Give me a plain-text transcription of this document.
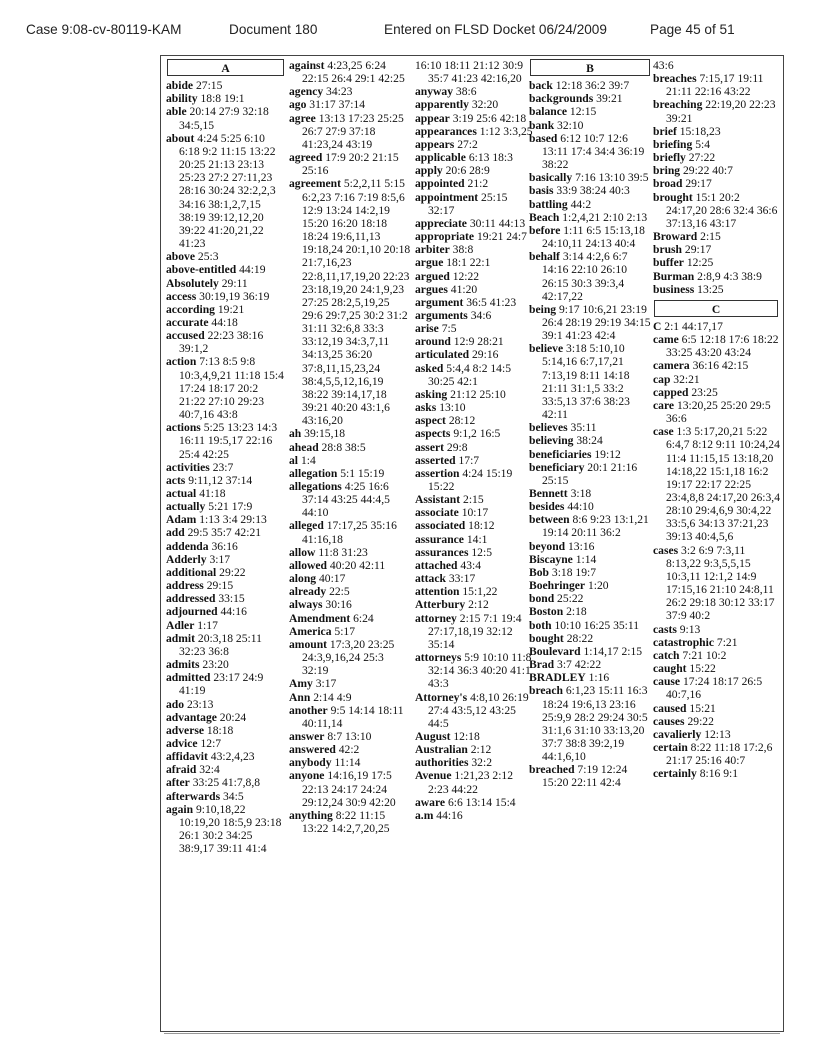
Case 9:08-cv-80119-KAM	Document 180	Entered on FLSD Docket 06/24/2009	Page 45 of 51
A
abide 27:15
ability 18:8 19:1
able 20:14 27:9 32:18 34:5,15
about 4:24 5:25 6:10 6:18 9:2 11:15 13:22 20:25 21:13 23:13 25:23 27:2 27:11,23 28:16 30:24 32:2,2,3 34:16 38:1,2,7,15 38:19 39:12,12,20 39:22 41:20,21,22 41:23
above 25:3
above-entitled 44:19
Absolutely 29:11
access 30:19,19 36:19
according 19:21
accurate 44:18
accused 22:23 38:16 39:1,2
action 7:13 8:5 9:8 10:3,4,9,21 11:18 15:4 17:24 18:17 20:2 21:22 27:10 29:23 40:7,16 43:8
actions 5:25 13:23 14:3 16:11 19:5,17 22:16 25:4 42:25
activities 23:7
acts 9:11,12 37:14
actual 41:18
actually 5:21 17:9
Adam 1:13 3:4 29:13
add 29:5 35:7 42:21
addenda 36:16
Adderly 3:17
additional 29:22
address 29:15
addressed 33:15
adjourned 44:16
Adler 1:17
admit 20:3,18 25:11 32:23 36:8
admits 23:20
admitted 23:17 24:9 41:19
ado 23:13
advantage 20:24
adverse 18:18
advice 12:7
affidavit 43:2,4,23
afraid 32:4
after 33:25 41:7,8,8
afterwards 34:5
again 9:10,18,22 10:19,20 18:5,9 23:18 26:1 30:2 34:25 38:9,17 39:11 41:4
against 4:23,25 6:24 22:15 26:4 29:1 42:25
agency 34:23
ago 31:17 37:14
agree 13:13 17:23 25:25 26:7 27:9 37:18 41:23,24 43:19
agreed 17:9 20:2 21:15 25:16
agreement 5:2,2,11 5:15 6:2,23 7:16 7:19 8:5,6 12:9 13:24 14:2,19 15:20 16:20 18:18 18:24 19:6,11,13 19:18,24 20:1,10 20:18 21:7,16,23 22:8,11,17,19,20 22:23 23:18,19,20 24:1,9,23 27:25 28:2,5,19,25 29:6 29:7,25 30:2 31:2 31:11 32:6,8 33:3 33:12,19 34:3,7,11 34:13,25 36:20 37:8,11,15,23,24 38:4,5,5,12,16,19 38:22 39:14,17,18 39:21 40:20 43:1,6 43:16,20
ah 39:15,18
ahead 28:8 38:5
al 1:4
allegation 5:1 15:19
allegations 4:25 16:6 37:14 43:25 44:4,5 44:10
alleged 17:17,25 35:16 41:16,18
allow 11:8 31:23
allowed 40:20 42:11
along 40:17
already 22:5
always 30:16
Amendment 6:24
America 5:17
amount 17:3,20 23:25 24:3,9,16,24 25:3 32:19
Amy 3:17
Ann 2:14 4:9
another 9:5 14:14 18:11 40:11,14
answer 8:7 13:10
answered 42:2
anybody 11:14
anyone 14:16,19 17:5 22:13 24:17 24:24 29:12,24 30:9 42:20
anything 8:22 11:15 13:22 14:2,7,20,25
16:10 18:11 21:12 30:9 35:7 41:23 42:16,20
anyway 38:6
apparently 32:20
appear 3:19 25:6 42:18
appearances 1:12 3:3,25
appears 27:2
applicable 6:13 18:3
apply 20:6 28:9
appointed 21:2
appointment 25:15 32:17
appreciate 30:11 44:13
appropriate 19:21 24:7
arbiter 38:8
argue 18:1 22:1
argued 12:22
argues 41:20
argument 36:5 41:23
arguments 34:6
arise 7:5
around 12:9 28:21
articulated 29:16
asked 5:4,4 8:2 14:5 30:25 42:1
asking 21:12 25:10
asks 13:10
aspect 28:12
aspects 9:1,2 16:5
assert 29:8
asserted 17:7
assertion 4:24 15:19 15:22
Assistant 2:15
associate 10:17
associated 18:12
assurance 14:1
assurances 12:5
attached 43:4
attack 33:17
attention 15:1,22
Atterbury 2:12
attorney 2:15 7:1 19:4 27:17,18,19 32:12 35:14
attorneys 5:9 10:10 11:8 32:14 36:3 40:20 41:1 43:3
Attorney's 4:8,10 26:19 27:4 43:5,12 43:25 44:5
August 12:18
Australian 2:12
authorities 32:2
Avenue 1:21,23 2:12 2:23 44:22
aware 6:6 13:14 15:4
a.m 44:16
B
back 12:18 36:2 39:7
backgrounds 39:21
balance 12:15
bank 32:10
based 6:12 10:7 12:6 13:11 17:4 34:4 36:19 38:22
basically 7:16 13:10 39:5
basis 33:9 38:24 40:3
battling 44:2
Beach 1:2,4,21 2:10 2:13
before 1:11 6:5 15:13,18 24:10,11 24:13 40:4
behalf 3:14 4:2,6 6:7 14:16 22:10 26:10 26:15 30:3 39:3,4 42:17,22
being 9:17 10:6,21 23:19 26:4 28:19 29:19 34:15 39:1 41:23 42:4
believe 3:18 5:10,10 5:14,16 6:7,17,21 7:13,19 8:11 14:18 21:11 31:1,5 33:2 33:5,13 37:6 38:23 42:11
believes 35:11
believing 38:24
beneficiaries 19:12
beneficiary 20:1 21:16 25:15
Bennett 3:18
besides 44:10
between 8:6 9:23 13:1,21 19:14 20:11 36:2
beyond 13:16
Biscayne 1:14
Bob 3:18 19:7
Boehringer 1:20
bond 25:22
Boston 2:18
both 10:10 16:25 35:11
bought 28:22
Boulevard 1:14,17 2:15
Brad 3:7 42:22
BRADLEY 1:16
breach 6:1,23 15:11 16:3 18:24 19:6,13 23:16 25:9,9 28:2 29:24 30:5 31:1,6 31:10 33:13,20 37:7 38:8 39:2,19 44:1,6,10
breached 7:19 12:24 15:20 22:11 42:4
43:6
breaches 7:15,17 19:11 21:11 22:16 43:22
breaching 22:19,20 22:23 39:21
brief 15:18,23
briefing 5:4
briefly 27:22
bring 29:22 40:7
broad 29:17
brought 15:1 20:2 24:17,20 28:6 32:4 36:6 37:13,16 43:17
Broward 2:15
brush 29:17
buffer 12:25
Burman 2:8,9 4:3 38:9
business 13:25
C
C 2:1 44:17,17
came 6:5 12:18 17:6 18:22 33:25 43:20 43:24
camera 36:16 42:15
cap 32:21
capped 23:25
care 13:20,25 25:20 29:5 36:6
case 1:3 5:17,20,21 5:22 6:4,7 8:12 9:11 10:24,24 11:4 11:15,15 13:18,20 14:18,22 15:1,18 16:2 19:17 22:17 22:25 23:4,8,8 24:17,20 26:3,4 28:10 29:4,6,9 30:4,22 33:5,6 34:13 37:21,23 39:13 40:4,5,6
cases 3:2 6:9 7:3,11 8:13,22 9:3,5,5,15 10:3,11 12:1,2 14:9 17:15,16 21:10 24:8,11 26:2 29:18 30:12 33:17 37:9 40:2
casts 9:13
catastrophic 7:21
catch 7:21 10:2
caught 15:22
cause 17:24 18:17 26:5 40:7,16
caused 15:21
causes 29:22
cavalierly 12:13
certain 8:22 11:18 17:2,6 21:17 25:16 40:7
certainly 8:16 9:1
